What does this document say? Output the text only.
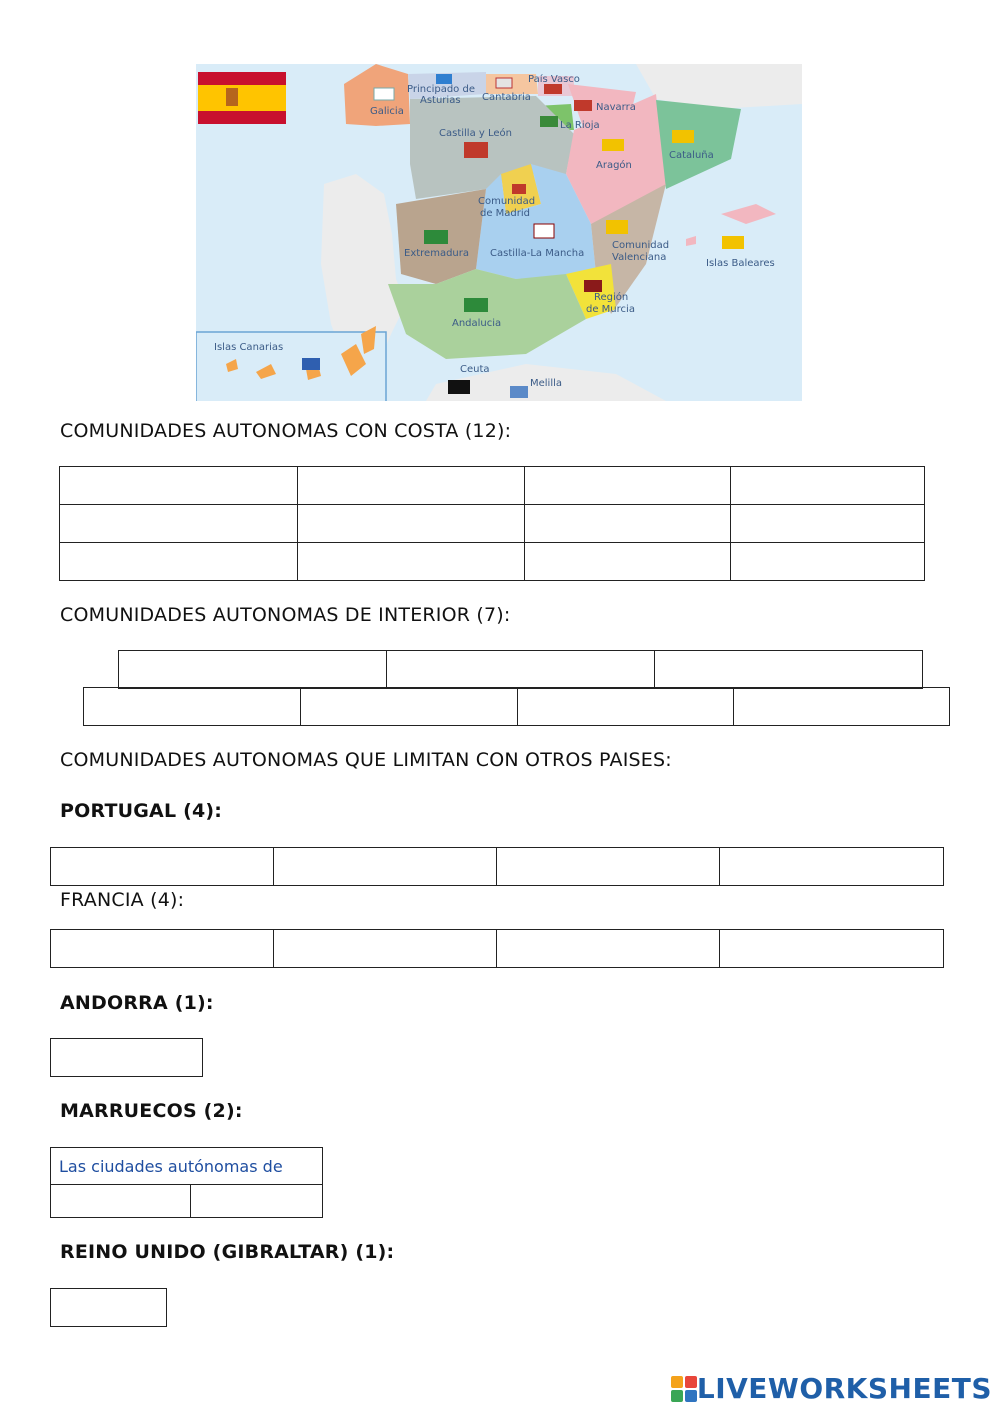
Galicia
Principado de
Asturias Cantabria
País Vasco
Navarra
La Rioja
Castilla y León
Aragón
Cataluña
Comunidad
de Madrid
Extremadura Castilla-La Mancha
Comunidad
Valenciana
Islas Baleares
Andalucia
Región
de Murcia
Islas Canarias
Ceuta
Melilla
COMUNIDADES AUTONOMAS CON COSTA (12):

COMUNIDADES AUTONOMAS DE INTERIOR (7):

COMUNIDADES AUTONOMAS QUE LIMITAN CON OTROS PAISES:
PORTUGAL (4):

FRANCIA (4):

ANDORRA (1):
MARRUECOS (2):
Las ciudades autónomas de

REINO UNIDO (GIBRALTAR) (1):
LIVEWORKSHEETS
